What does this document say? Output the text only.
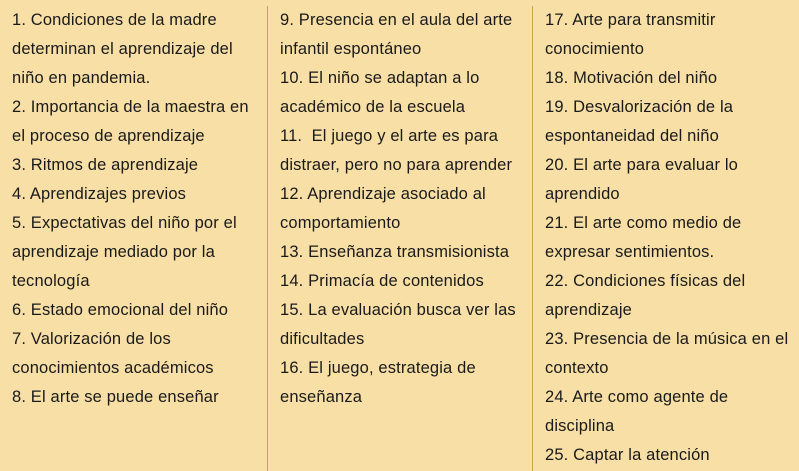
1. Condiciones de la madre determinan el aprendizaje del niño en pandemia.

2. Importancia de la maestra en el proceso de aprendizaje

3. Ritmos de aprendizaje

4. Aprendizajes previos

5. Expectativas del niño por el aprendizaje mediado por la tecnología

6. Estado emocional del niño

7. Valorización de los conocimientos académicos

8. El arte se puede enseñar

9. Presencia en el aula del arte infantil espontáneo

10. El niño se adaptan a lo académico de la escuela

11.  El juego y el arte es para distraer, pero no para aprender

12. Aprendizaje asociado al comportamiento

13. Enseñanza transmisionista

14. Primacía de contenidos

15. La evaluación busca ver las dificultades

16. El juego, estrategia de enseñanza

17. Arte para transmitir conocimiento

18. Motivación del niño

19. Desvalorización de la espontaneidad del niño

20. El arte para evaluar lo aprendido

21. El arte como medio de expresar sentimientos.

22. Condiciones físicas del aprendizaje

23. Presencia de la música en el contexto

24. Arte como agente de disciplina

25. Captar la atención
